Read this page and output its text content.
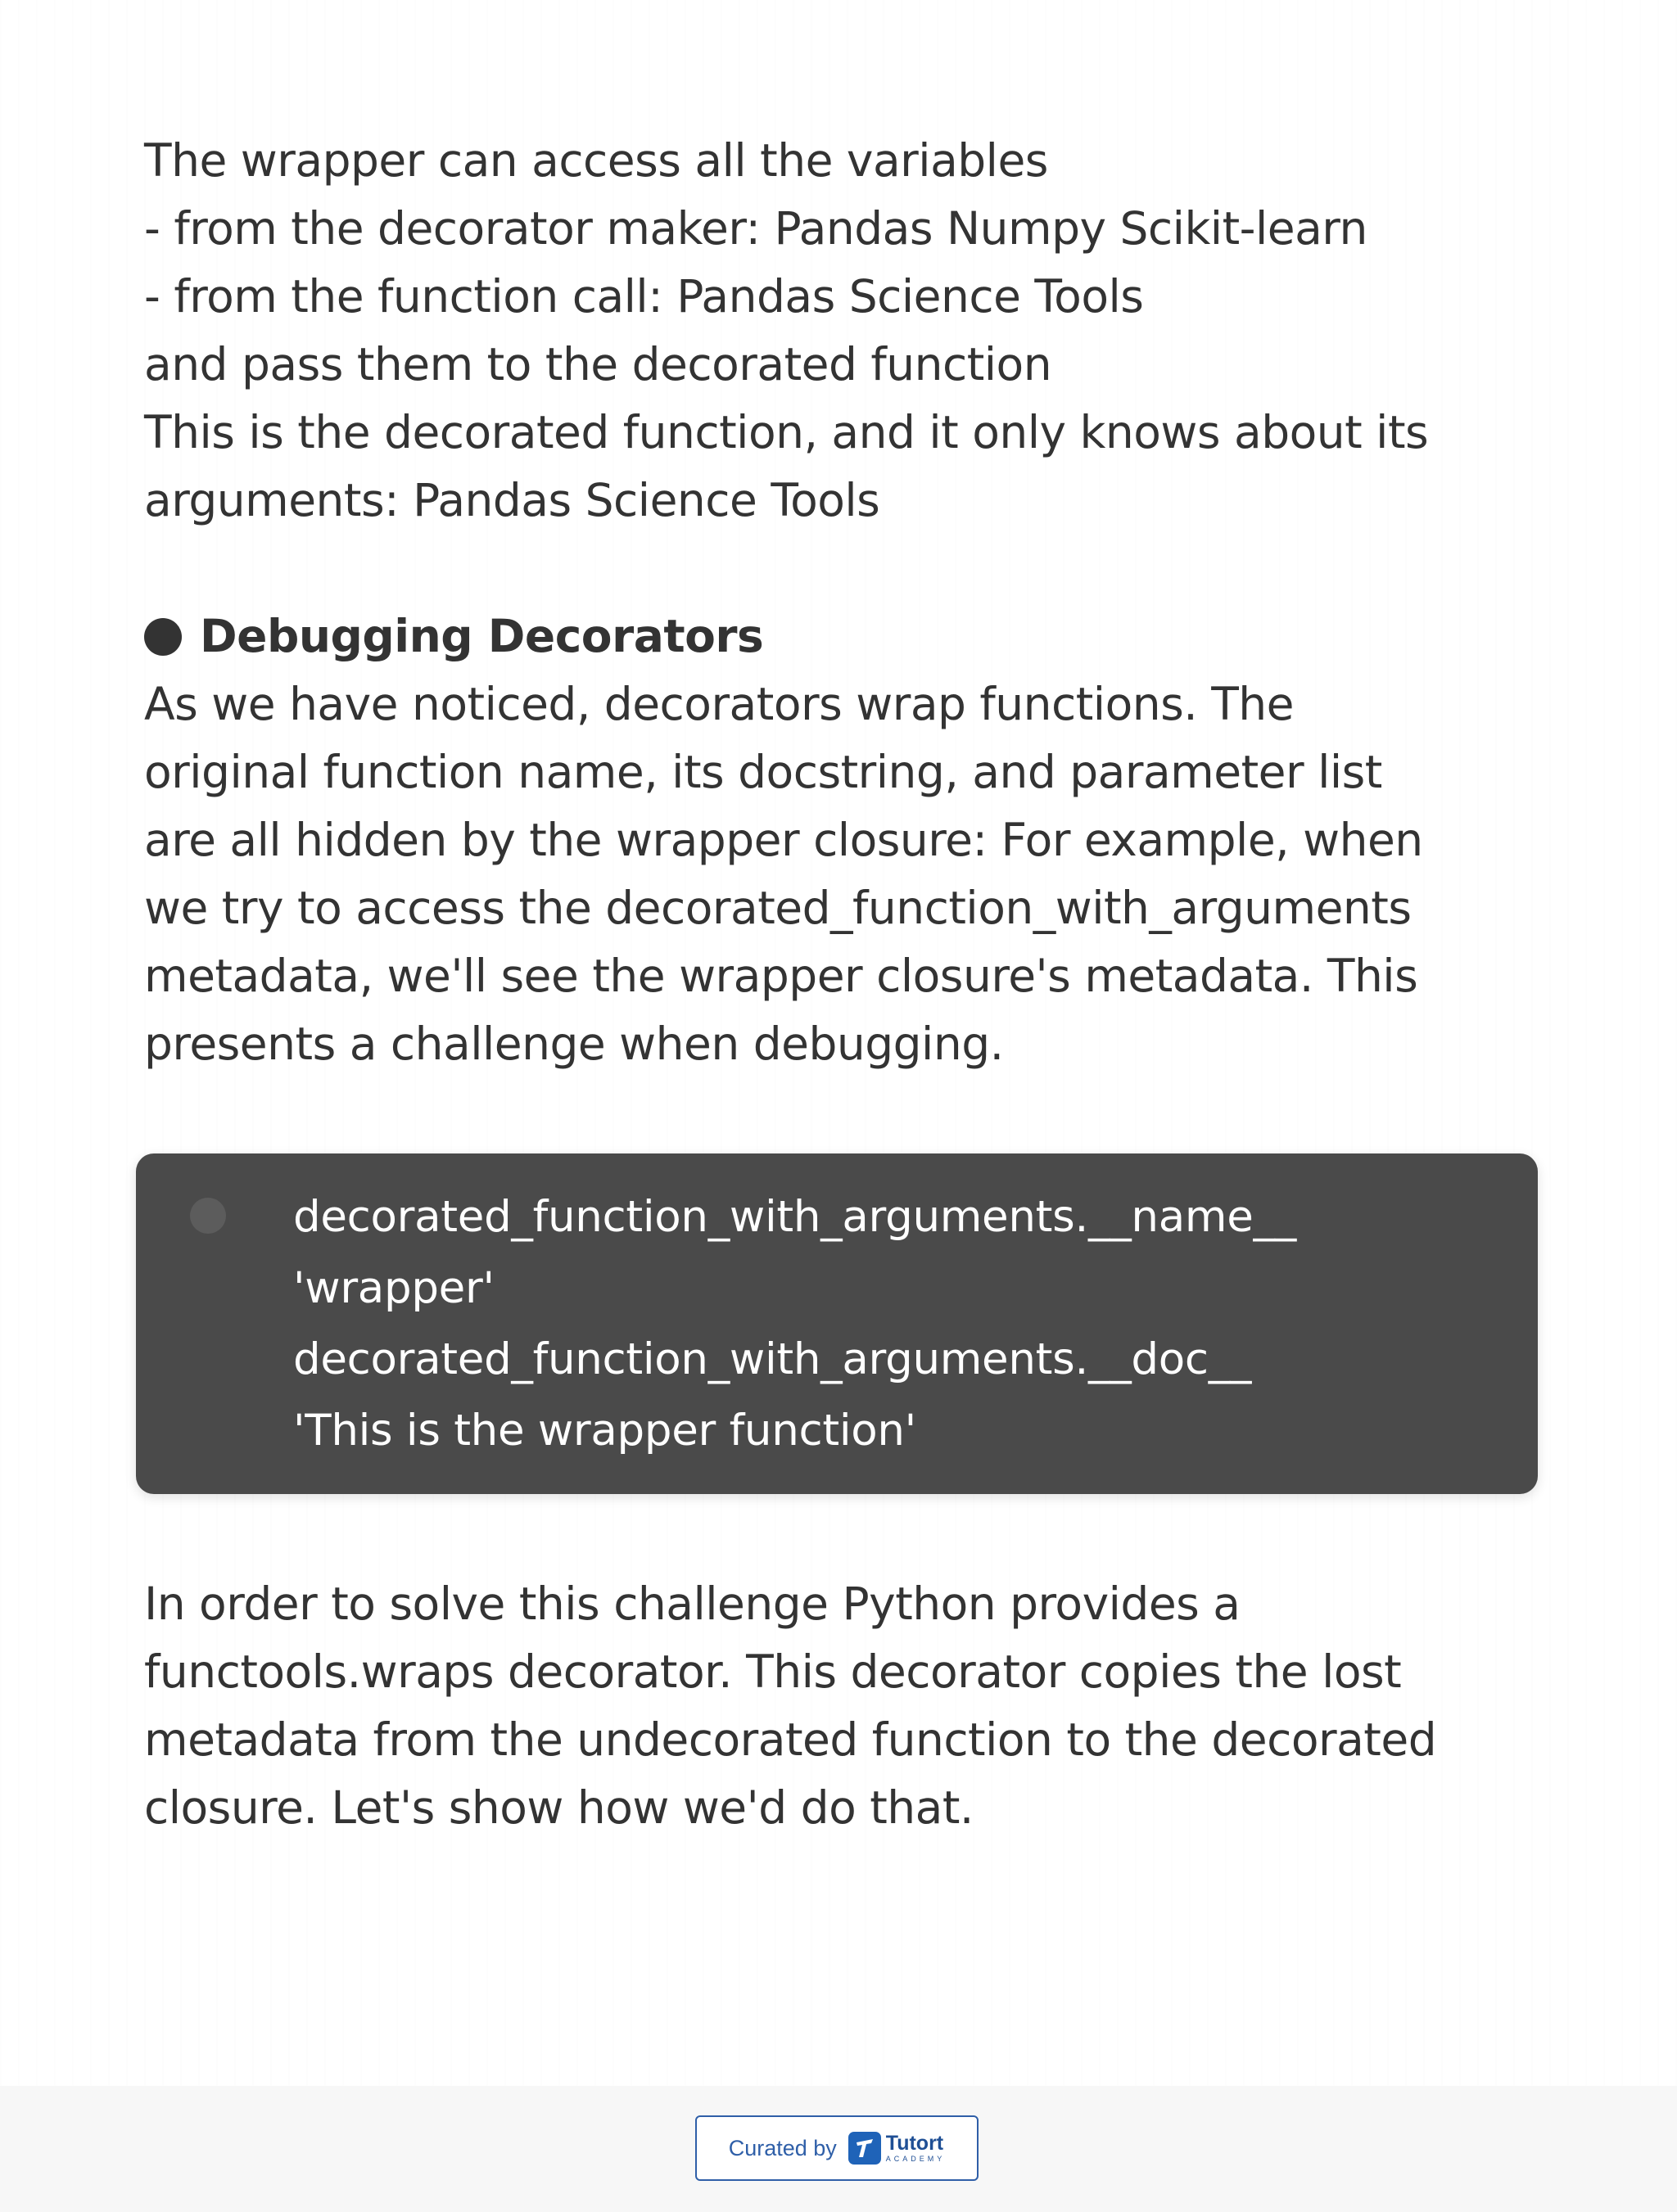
The wrapper can access all the variables
- from the decorator maker: Pandas Numpy Scikit-learn
- from the function call: Pandas Science Tools
and pass them to the decorated function
This is the decorated function, and it only knows about its
arguments: Pandas Science Tools

Debugging Decorators

As we have noticed, decorators wrap functions. The
original function name, its docstring, and parameter list
are all hidden by the wrapper closure: For example, when
we try to access the decorated_function_with_arguments
metadata, we'll see the wrapper closure's metadata. This
presents a challenge when debugging.

decorated_function_with_arguments.__name__
'wrapper'
decorated_function_with_arguments.__doc__
'This is the wrapper function'

In order to solve this challenge Python provides a
functools.wraps decorator. This decorator copies the lost
metadata from the undecorated function to the decorated
closure. Let's show how we'd do that.

Curated by Tutort
ACADEMY
